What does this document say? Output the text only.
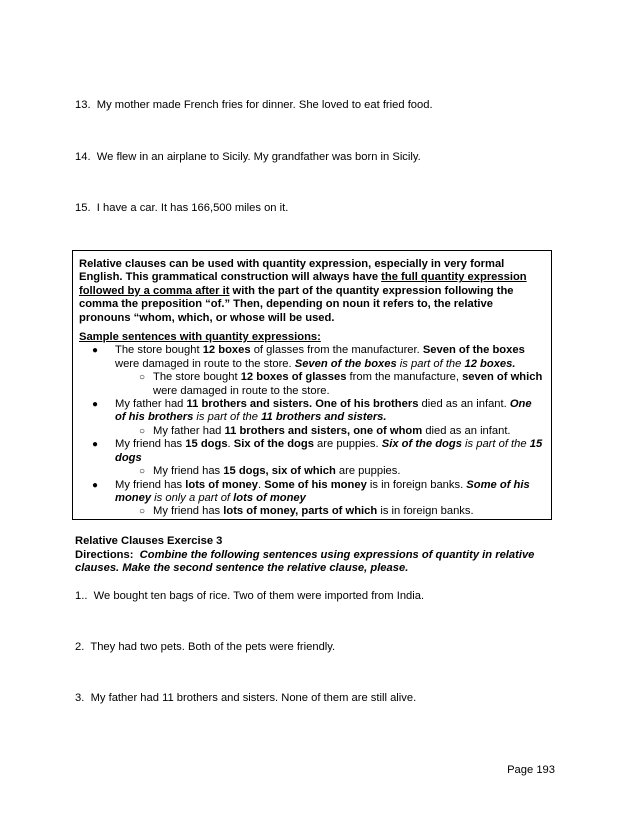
13. My mother made French fries for dinner. She loved to eat fried food.
14. We flew in an airplane to Sicily. My grandfather was born in Sicily.
15. I have a car. It has 166,500 miles on it.
Relative clauses can be used with quantity expression, especially in very formal English. This grammatical construction will always have the full quantity expression followed by a comma after it with the part of the quantity expression following the comma the preposition “of.” Then, depending on noun it refers to, the relative pronouns “whom, which, or whose will be used.
Sample sentences with quantity expressions:
● The store bought 12 boxes of glasses from the manufacturer. Seven of the boxes were damaged in route to the store. Seven of the boxes is part of the 12 boxes.
○ The store bought 12 boxes of glasses from the manufacture, seven of which were damaged in route to the store.
● My father had 11 brothers and sisters. One of his brothers died as an infant. One of his brothers is part of the 11 brothers and sisters.
○ My father had 11 brothers and sisters, one of whom died as an infant.
● My friend has 15 dogs. Six of the dogs are puppies. Six of the dogs is part of the 15 dogs
○ My friend has 15 dogs, six of which are puppies.
● My friend has lots of money. Some of his money is in foreign banks. Some of his money is only a part of lots of money
○ My friend has lots of money, parts of which is in foreign banks.
Relative Clauses Exercise 3
Directions: Combine the following sentences using expressions of quantity in relative clauses. Make the second sentence the relative clause, please.
1.. We bought ten bags of rice. Two of them were imported from India.
2. They had two pets. Both of the pets were friendly.
3. My father had 11 brothers and sisters. None of them are still alive.
Page 193
